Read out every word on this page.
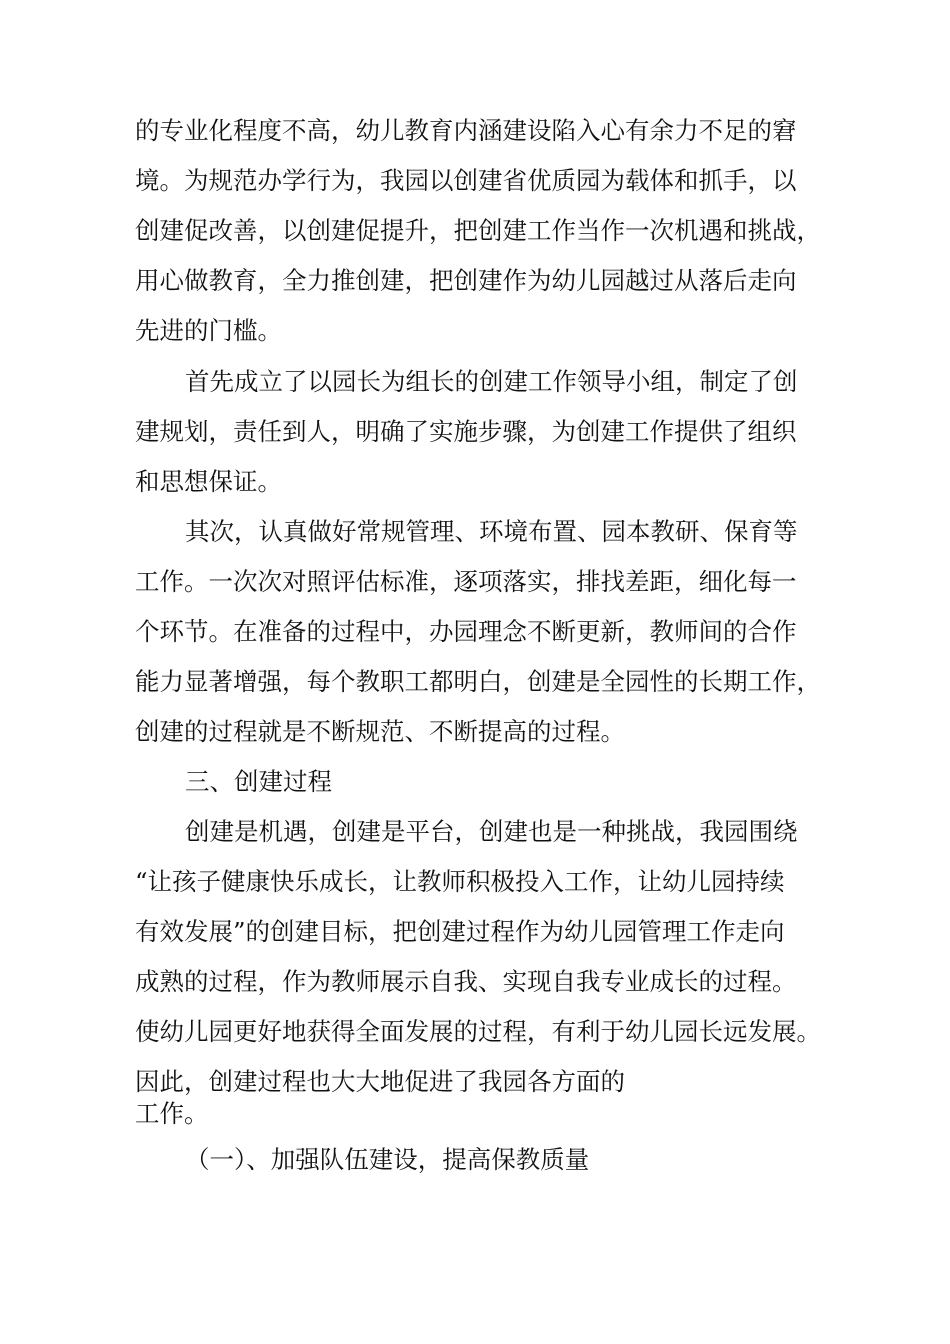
的专业化程度不高，幼儿教育内涵建设陷入心有余力不足的窘
境。为规范办学行为，我园以创建省优质园为载体和抓手，以
创建促改善，以创建促提升，把创建工作当作一次机遇和挑战，
用心做教育，全力推创建，把创建作为幼儿园越过从落后走向
先进的门槛。
首先成立了以园长为组长的创建工作领导小组，制定了创
建规划，责任到人，明确了实施步骤，为创建工作提供了组织
和思想保证。
其次，认真做好常规管理、环境布置、园本教研、保育等
工作。一次次对照评估标准，逐项落实，排找差距，细化每一
个环节。在准备的过程中，办园理念不断更新，教师间的合作
能力显著增强，每个教职工都明白，创建是全园性的长期工作，
创建的过程就是不断规范、不断提高的过程。
三、创建过程
创建是机遇，创建是平台，创建也是一种挑战，我园围绕
“让孩子健康快乐成长，让教师积极投入工作，让幼儿园持续
有效发展”的创建目标，把创建过程作为幼儿园管理工作走向
成熟的过程，作为教师展示自我、实现自我专业成长的过程。
使幼儿园更好地获得全面发展的过程，有利于幼儿园长远发展。
因此，创建过程也大大地促进了我园各方面的
工作。
（一）、加强队伍建设，提高保教质量
